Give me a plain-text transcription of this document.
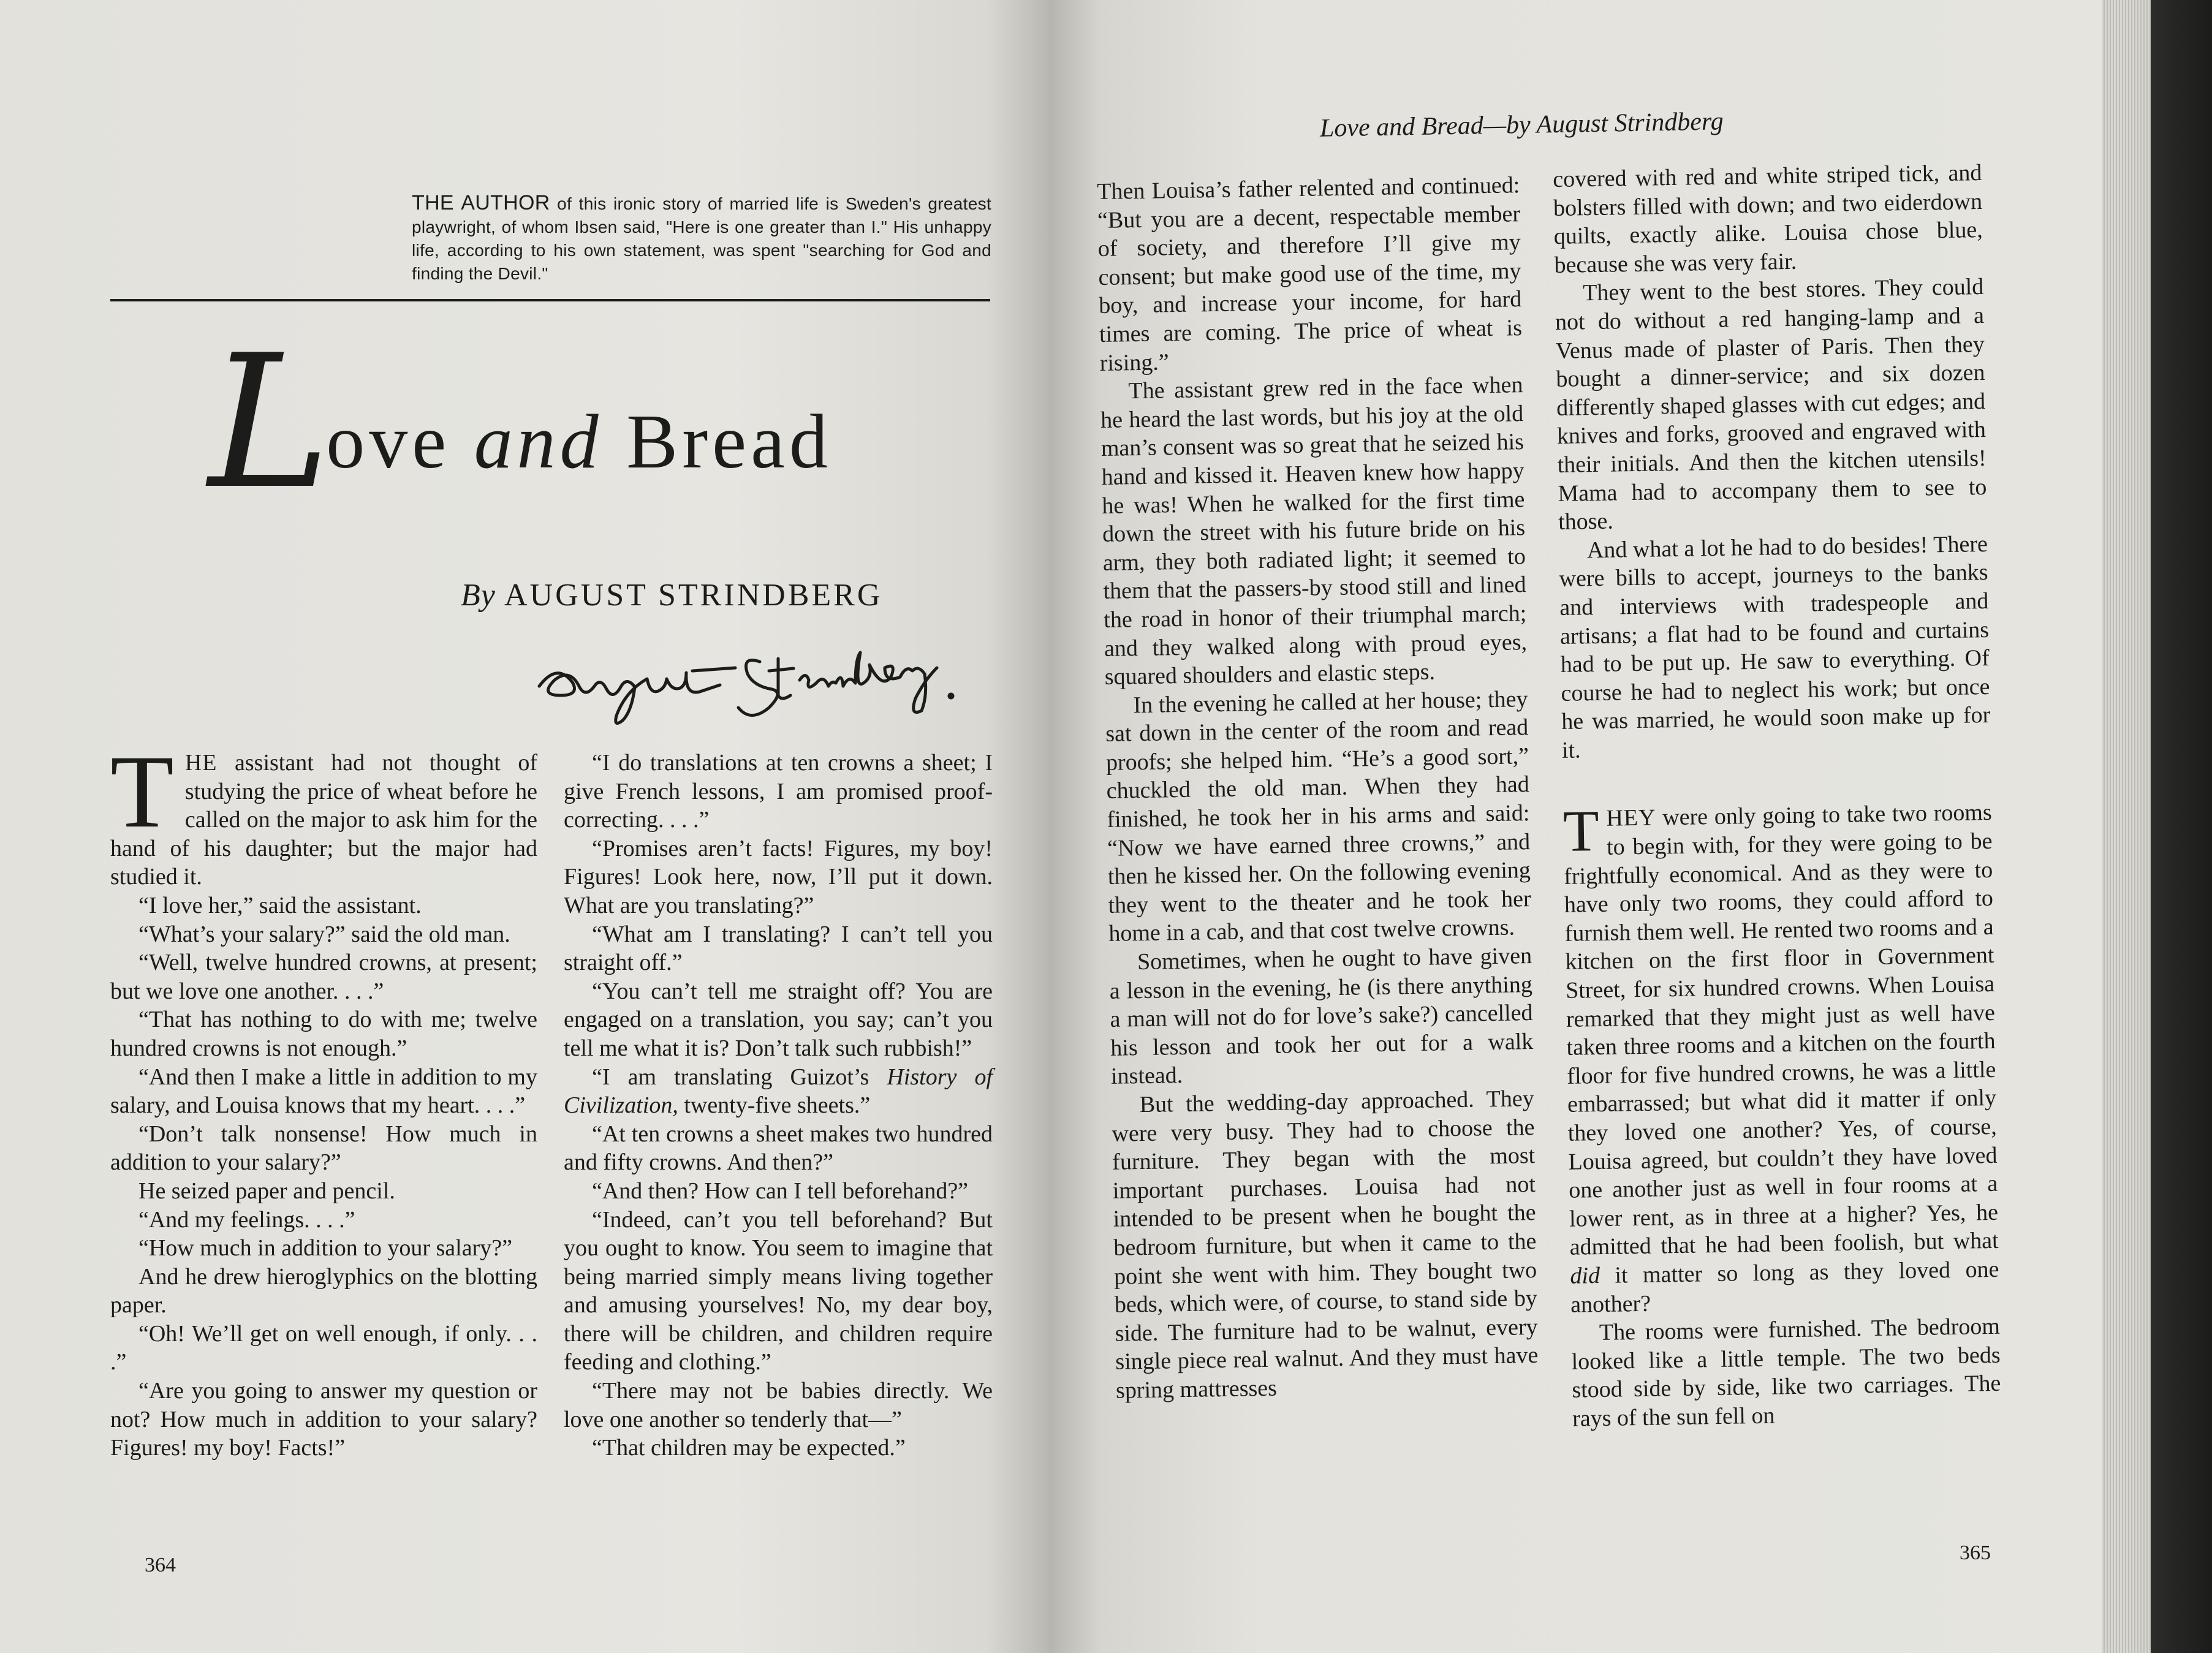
THE AUTHOR of this ironic story of married life is Sweden's greatest playwright, of whom Ibsen said, "Here is one greater than I." His unhappy life, according to his own statement, was spent "searching for God and finding the Devil."
Love and Bread
By AUGUST STRINDBERG

THE assistant had not thought of studying the price of wheat before he called on the major to ask him for the hand of his daughter; but the major had studied it.

“I love her,” said the assistant.

“What’s your salary?” said the old man.

“Well, twelve hundred crowns, at present; but we love one another. . . .”

“That has nothing to do with me; twelve hundred crowns is not enough.”

“And then I make a little in addition to my salary, and Louisa knows that my heart. . . .”

“Don’t talk nonsense! How much in addition to your salary?”

He seized paper and pencil.

“And my feelings. . . .”

“How much in addition to your salary?”

And he drew hieroglyphics on the blotting paper.

“Oh! We’ll get on well enough, if only. . . .”

“Are you going to answer my question or not? How much in addition to your salary? Figures! my boy! Facts!”

“I do translations at ten crowns a sheet; I give French lessons, I am promised proof-correcting. . . .”

“Promises aren’t facts! Figures, my boy! Figures! Look here, now, I’ll put it down. What are you translating?”

“What am I translating? I can’t tell you straight off.”

“You can’t tell me straight off? You are engaged on a translation, you say; can’t you tell me what it is? Don’t talk such rubbish!”

“I am translating Guizot’s History of Civilization, twenty-five sheets.”

“At ten crowns a sheet makes two hundred and fifty crowns. And then?”

“And then? How can I tell beforehand?”

“Indeed, can’t you tell beforehand? But you ought to know. You seem to imagine that being married simply means living together and amusing yourselves! No, my dear boy, there will be children, and children require feeding and clothing.”

“There may not be babies directly. We love one another so tenderly that—”

“That children may be expected.”

364
Love and Bread—by August Strindberg

Then Louisa’s father relented and continued: “But you are a decent, respectable member of society, and therefore I’ll give my consent; but make good use of the time, my boy, and increase your income, for hard times are coming. The price of wheat is rising.”

The assistant grew red in the face when he heard the last words, but his joy at the old man’s consent was so great that he seized his hand and kissed it. Heaven knew how happy he was! When he walked for the first time down the street with his future bride on his arm, they both radiated light; it seemed to them that the passers-by stood still and lined the road in honor of their triumphal march; and they walked along with proud eyes, squared shoulders and elastic steps.

In the evening he called at her house; they sat down in the center of the room and read proofs; she helped him. “He’s a good sort,” chuckled the old man. When they had finished, he took her in his arms and said: “Now we have earned three crowns,” and then he kissed her. On the following evening they went to the theater and he took her home in a cab, and that cost twelve crowns.

Sometimes, when he ought to have given a lesson in the evening, he (is there anything a man will not do for love’s sake?) cancelled his lesson and took her out for a walk instead.

But the wedding-day approached. They were very busy. They had to choose the furniture. They began with the most important purchases. Louisa had not intended to be present when he bought the bedroom furniture, but when it came to the point she went with him. They bought two beds, which were, of course, to stand side by side. The furniture had to be walnut, every single piece real walnut. And they must have spring mattresses

covered with red and white striped tick, and bolsters filled with down; and two eiderdown quilts, exactly alike. Louisa chose blue, because she was very fair.

They went to the best stores. They could not do without a red hanging-lamp and a Venus made of plaster of Paris. Then they bought a dinner-service; and six dozen differently shaped glasses with cut edges; and knives and forks, grooved and engraved with their initials. And then the kitchen utensils! Mama had to accompany them to see to those.

And what a lot he had to do besides! There were bills to accept, journeys to the banks and interviews with tradespeople and artisans; a flat had to be found and curtains had to be put up. He saw to everything. Of course he had to neglect his work; but once he was married, he would soon make up for it.

THEY were only going to take two rooms to begin with, for they were going to be frightfully economical. And as they were to have only two rooms, they could afford to furnish them well. He rented two rooms and a kitchen on the first floor in Government Street, for six hundred crowns. When Louisa remarked that they might just as well have taken three rooms and a kitchen on the fourth floor for five hundred crowns, he was a little embarrassed; but what did it matter if only they loved one another? Yes, of course, Louisa agreed, but couldn’t they have loved one another just as well in four rooms at a lower rent, as in three at a higher? Yes, he admitted that he had been foolish, but what did it matter so long as they loved one another?

The rooms were furnished. The bedroom looked like a little temple. The two beds stood side by side, like two carriages. The rays of the sun fell on

365
